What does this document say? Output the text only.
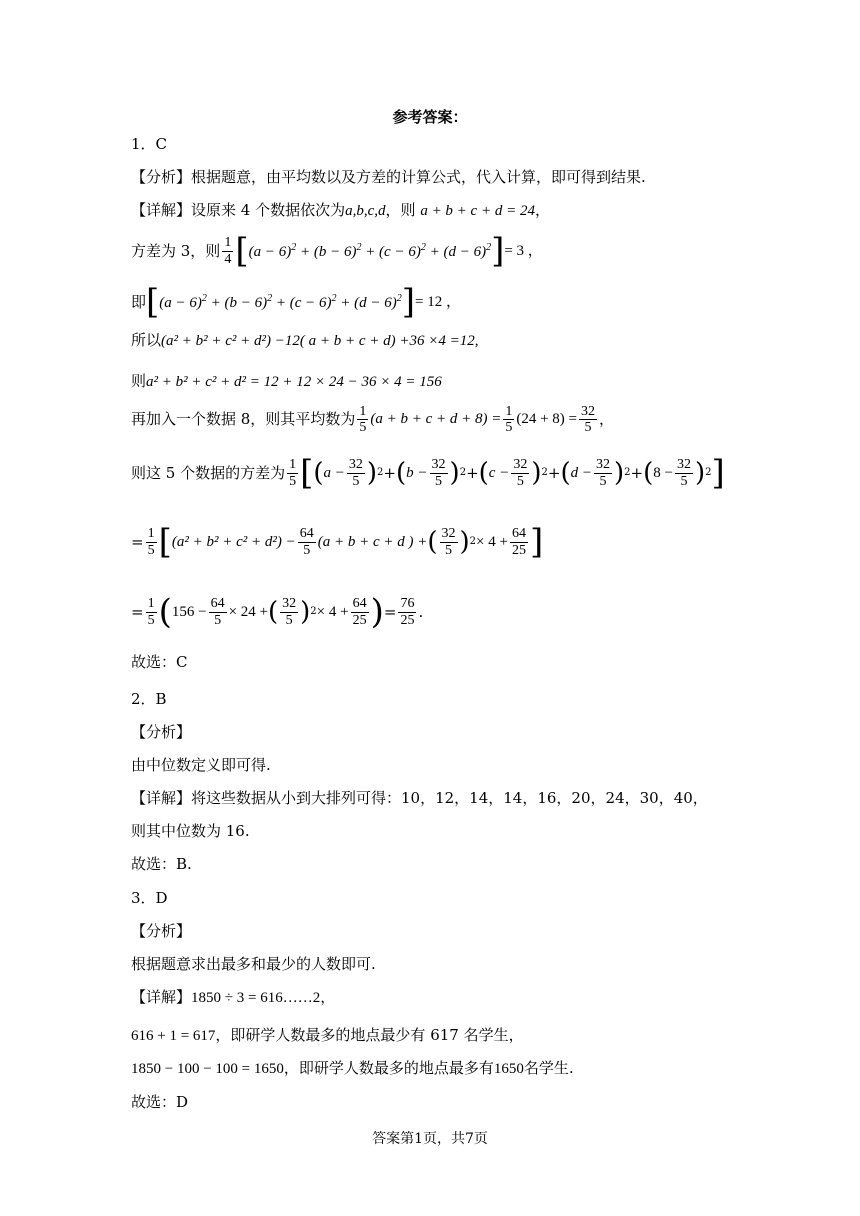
参考答案：
1．C
【分析】根据题意，由平均数以及方差的计算公式，代入计算，即可得到结果.
【详解】设原来 4 个数据依次为a,b,c,d，则 a + b + c + d = 24，
方差为 3，则 $\frac{1}{4}$ [ $(a - 6)^2 + (b - 6)^2 + (c - 6)^2 + (d - 6)^2$ ] = 3 ，
即 [ $(a - 6)^2 + (b - 6)^2 + (c - 6)^2 + (d - 6)^2$ ] = 12 ，
所以(a² + b² + c² + d²) −12( a + b + c + d) +36 ×4 =12,
则a² + b² + c² + d² = 12 + 12 × 24 − 36 × 4 = 156
再加入一个数据 8，则其平均数为 $\frac{1}{5} (a + b + c + d + 8) = \frac{1}{5} (24 + 8) = \frac{32}{5}$ ，
则这 5 个数据的方差为 $\frac{1}{5}$ [ ( $a - \frac{32}{5}$ ) 2 + ( $b - \frac{32}{5}$ ) 2 + ( $c - \frac{32}{5}$ ) 2 + ( $d - \frac{32}{5}$ ) 2 + ( $8 - \frac{32}{5}$ ) 2 ]
= $\frac{1}{5}$ [ $(a^2 + b^2 + c^2 + d^2) - \frac{64}{5} (a + b + c + d$ ) + ( $\frac{32}{5}$ ) $2 \times 4 + \frac{64}{25}$ ]
= $\frac{1}{5}$ ( $156 - \frac{64}{5} \times 24$ + ( $\frac{32}{5}$ ) $2 \times 4 + \frac{64}{25}$ ) = $\frac{76}{25}$ .
故选：C
2．B
【分析】
由中位数定义即可得.
【详解】将这些数据从小到大排列可得：10，12，14，14，16，20，24，30，40，
则其中位数为 16.
故选：B.
3．D
【分析】
根据题意求出最多和最少的人数即可.
【详解】1850 ÷ 3 = 616……2，
616 + 1 = 617，即研学人数最多的地点最少有 617 名学生，
1850 − 100 − 100 = 1650，即研学人数最多的地点最多有1650名学生.
故选：D
答案第1页，共7页
